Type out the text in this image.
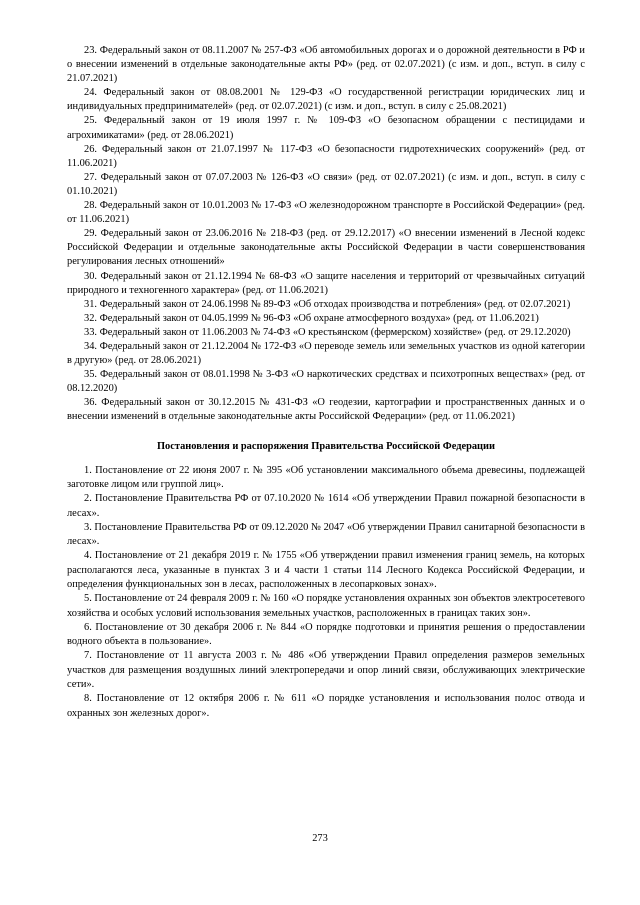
23. Федеральный закон от 08.11.2007 № 257-ФЗ «Об автомобильных дорогах и о дорожной деятельности в РФ и о внесении изменений в отдельные законодательные акты РФ» (ред. от 02.07.2021) (с изм. и доп., вступ. в силу с 21.07.2021)

24. Федеральный закон от 08.08.2001 № 129-ФЗ «О государственной регистрации юридических лиц и индивидуальных предпринимателей» (ред. от 02.07.2021) (с изм. и доп., вступ. в силу с 25.08.2021)

25. Федеральный закон от 19 июля 1997 г. № 109-ФЗ «О безопасном обращении с пестицидами и агрохимикатами» (ред. от 28.06.2021)

26. Федеральный закон от 21.07.1997 № 117-ФЗ «О безопасности гидротехнических сооружений» (ред. от 11.06.2021)

27. Федеральный закон от 07.07.2003 № 126-ФЗ «О связи» (ред. от 02.07.2021) (с изм. и доп., вступ. в силу с 01.10.2021)

28. Федеральный закон от 10.01.2003 № 17-ФЗ «О железнодорожном транспорте в Российской Федерации» (ред. от 11.06.2021)

29. Федеральный закон от 23.06.2016 № 218-ФЗ (ред. от 29.12.2017) «О внесении изменений в Лесной кодекс Российской Федерации и отдельные законодательные акты Российской Федерации в части совершенствования регулирования лесных отношений»

30. Федеральный закон от 21.12.1994 № 68-ФЗ «О защите населения и территорий от чрезвычайных ситуаций природного и техногенного характера» (ред. от 11.06.2021)

31. Федеральный закон от 24.06.1998 № 89-ФЗ «Об отходах производства и потребления» (ред. от 02.07.2021)

32. Федеральный закон от 04.05.1999 № 96-ФЗ «Об охране атмосферного воздуха» (ред. от 11.06.2021)

33. Федеральный закон от 11.06.2003 № 74-ФЗ «О крестьянском (фермерском) хозяйстве» (ред. от 29.12.2020)

34. Федеральный закон от 21.12.2004 № 172-ФЗ «О переводе земель или земельных участков из одной категории в другую» (ред. от 28.06.2021)

35. Федеральный закон от 08.01.1998 № 3-ФЗ «О наркотических средствах и психотропных веществах» (ред. от 08.12.2020)

36. Федеральный закон от 30.12.2015 № 431-ФЗ «О геодезии, картографии и пространственных данных и о внесении изменений в отдельные законодательные акты Российской Федерации» (ред. от 11.06.2021)

Постановления и распоряжения Правительства Российской Федерации

1. Постановление от 22 июня 2007 г. № 395 «Об установлении максимального объема древесины, подлежащей заготовке лицом или группой лиц».

2. Постановление Правительства РФ от 07.10.2020 № 1614 «Об утверждении Правил пожарной безопасности в лесах».

3. Постановление Правительства РФ от 09.12.2020 № 2047 «Об утверждении Правил санитарной безопасности в лесах».

4. Постановление от 21 декабря 2019 г. № 1755 «Об утверждении правил изменения границ земель, на которых располагаются леса, указанные в пунктах 3 и 4 части 1 статьи 114 Лесного Кодекса Российской Федерации, и определения функциональных зон в лесах, расположенных в лесопарковых зонах».

5. Постановление от 24 февраля 2009 г. № 160 «О порядке установления охранных зон объектов электросетевого хозяйства и особых условий использования земельных участков, расположенных в границах таких зон».

6. Постановление от 30 декабря 2006 г. № 844 «О порядке подготовки и принятия решения о предоставлении водного объекта в пользование».

7. Постановление от 11 августа 2003 г. № 486 «Об утверждении Правил определения размеров земельных участков для размещения воздушных линий электропередачи и опор линий связи, обслуживающих электрические сети».

8. Постановление от 12 октября 2006 г. № 611 «О порядке установления и использования полос отвода и охранных зон железных дорог».

273
